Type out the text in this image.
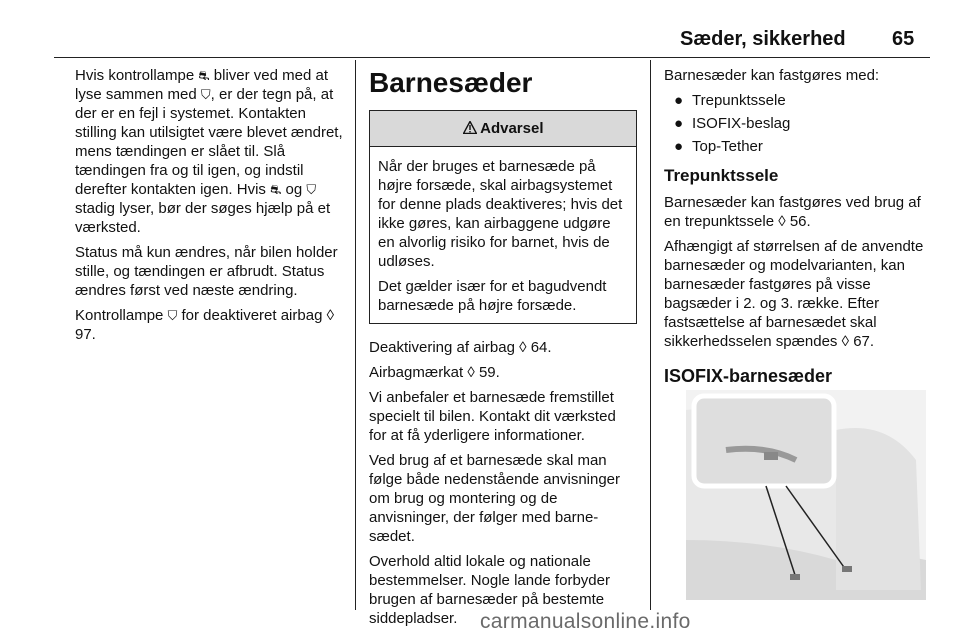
Sæder, sikkerhed 65

Hvis kontrollampe ⛐ bliver ved med at lyse sammen med ⛉, er der tegn på, at der er en fejl i systemet. Kontakten stilling kan utilsigtet være blevet ændret, mens tændingen er slået til. Slå tændingen fra og til igen, og indstil derefter kontakten igen. Hvis ⛐ og ⛉ stadig lyser, bør der søges hjælp på et værksted.

Status må kun ændres, når bilen holder stille, og tændingen er afbrudt. Status ændres først ved næste ændring.

Kontrollampe ⛉ for deaktiveret airbag ◊ 97.

Barnesæder
Advarsel

Når der bruges et barnesæde på højre forsæde, skal airbagsystemet for denne plads deaktiveres; hvis det ikke gøres, kan airbaggene udgøre en alvorlig risiko for barnet, hvis de udløses.

Det gælder især for et bagudvendt barnesæde på højre forsæde.

Deaktivering af airbag ◊ 64.

Airbagmærkat ◊ 59.

Vi anbefaler et barnesæde fremstillet specielt til bilen. Kontakt dit værksted for at få yderligere informationer.

Ved brug af et barnesæde skal man følge både nedenstående anvisninger om brug og montering og de anvisninger, der følger med barnesædet.

Overhold altid lokale og nationale bestemmelser. Nogle lande forbyder brugen af barnesæder på bestemte siddepladser.

Barnesæder kan fastgøres med:

● Trepunktssele
● ISOFIX-beslag
● Top-Tether
Trepunktssele

Barnesæder kan fastgøres ved brug af en trepunktssele ◊ 56.

Afhængigt af størrelsen af de anvendte barnesæder og modelvarianten, kan barnesæder fastgøres på visse bagsæder i 2. og 3. række. Efter fastsættelse af barnesædet skal sikkerhedsselen spændes ◊ 67.

ISOFIX-barnesæder
carmanualsonline.info
